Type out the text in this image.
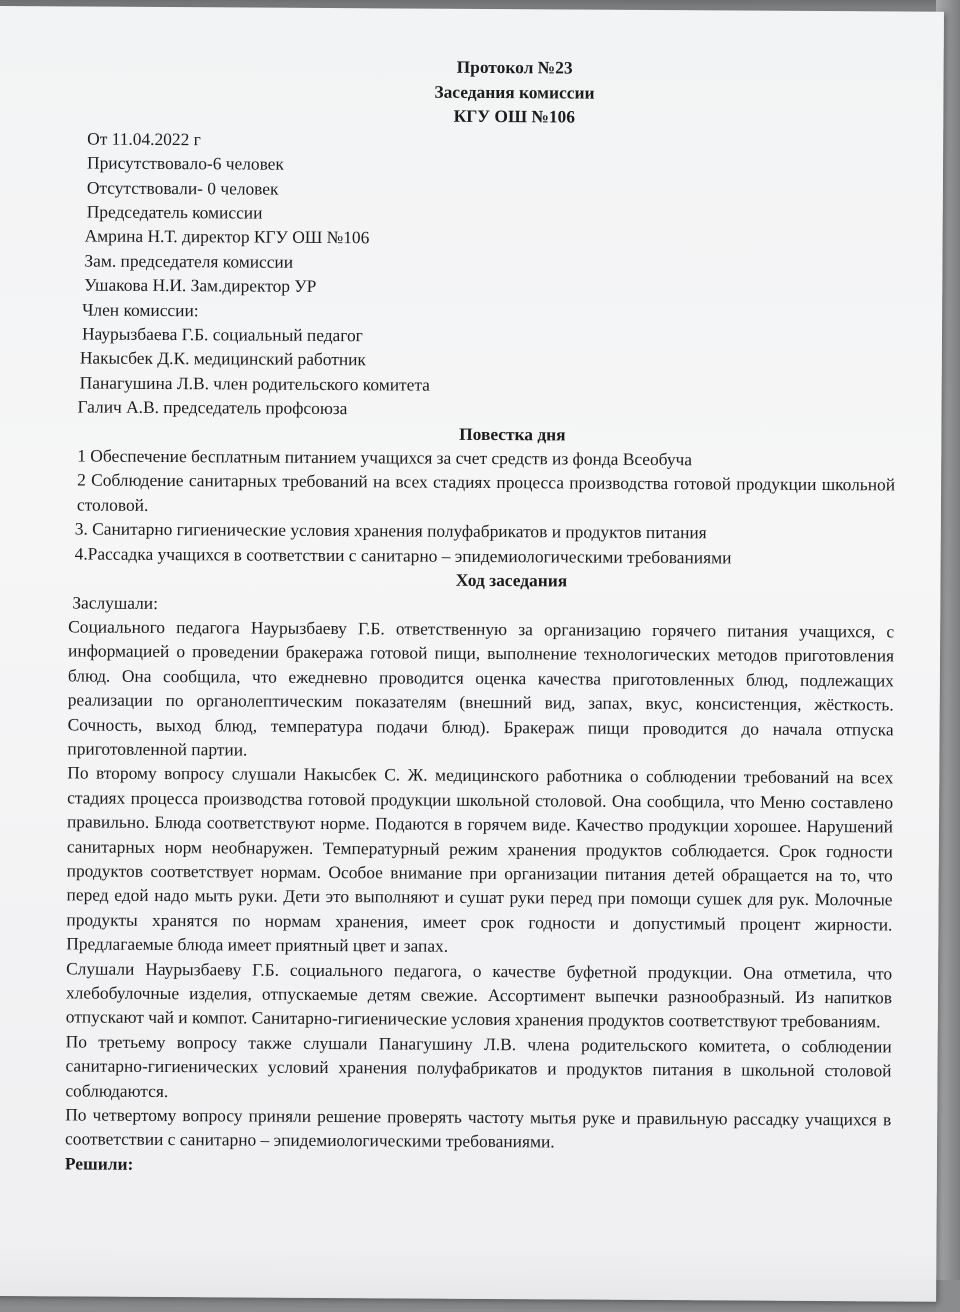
Протокол №23
Заседания комиссии
КГУ ОШ №106
От 11.04.2022 г
Присутствовало-6 человек
Отсутствовали- 0 человек
Председатель комиссии
Амрина Н.Т. директор КГУ ОШ №106
Зам. председателя комиссии
Ушакова Н.И. Зам.директор УР
Член комиссии:
Наурызбаева Г.Б. социальный педагог
Накысбек Д.К. медицинский работник
Панагушина Л.В. член родительского комитета
Галич А.В. председатель профсоюза
Повестка дня
1 Обеспечение бесплатным питанием учащихся за счет средств из фонда Всеобуча
2 Соблюдение санитарных требований на всех стадиях процесса производства готовой продукции школьной столовой.
3. Санитарно гигиенические условия хранения полуфабрикатов и продуктов питания
4.Рассадка учащихся в соответствии с санитарно – эпидемиологическими требованиями
Ход заседания
Заслушали:
Социального педагога Наурызбаеву Г.Б. ответственную за организацию горячего питания учащихся, с информацией о проведении бракеража готовой пищи, выполнение технологических методов приготовления блюд. Она сообщила, что ежедневно проводится оценка качества приготовленных блюд, подлежащих реализации по органолептическим показателям (внешний вид, запах, вкус, консистенция, жёсткость. Сочность, выход блюд, температура подачи блюд). Бракераж пищи проводится до начала отпуска приготовленной партии.
По второму вопросу слушали Накысбек С. Ж. медицинского работника о соблюдении требований на всех стадиях процесса производства готовой продукции школьной столовой. Она сообщила, что Меню составлено правильно. Блюда соответствуют норме. Подаются в горячем виде. Качество продукции хорошее. Нарушений санитарных норм необнаружен. Температурный режим хранения продуктов соблюдается. Срок годности продуктов соответствует нормам. Особое внимание при организации питания детей обращается на то, что перед едой надо мыть руки. Дети это выполняют и сушат руки перед при помощи сушек для рук. Молочные продукты хранятся по нормам хранения, имеет срок годности и допустимый процент жирности. Предлагаемые блюда имеет приятный цвет и запах.
Слушали Наурызбаеву Г.Б. социального педагога, о качестве буфетной продукции. Она отметила, что хлебобулочные изделия, отпускаемые детям свежие. Ассортимент выпечки разнообразный. Из напитков отпускают чай и компот. Санитарно-гигиенические условия хранения продуктов соответствуют требованиям.
По третьему вопросу также слушали Панагушину Л.В. члена родительского комитета, о соблюдении санитарно-гигиенических условий хранения полуфабрикатов и продуктов питания в школьной столовой соблюдаются.
По четвертому вопросу приняли решение проверять частоту мытья руке и правильную рассадку учащихся в соответствии с санитарно – эпидемиологическими требованиями.
Решили:
